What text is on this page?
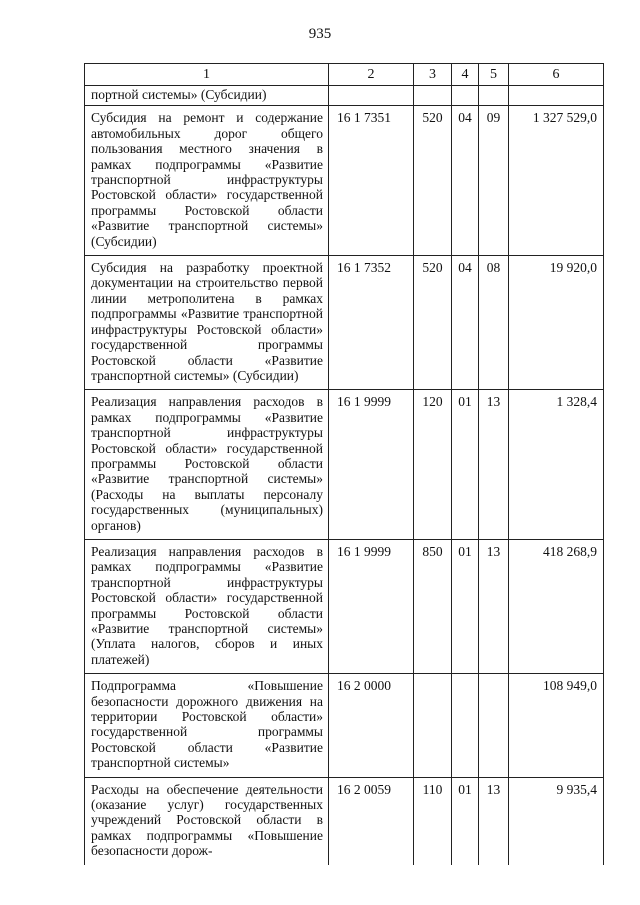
935
1	2	3	4	5	6
портной системы» (Субсидии)					
Субсидия на ремонт и содержание автомобильных дорог общего пользования местного значения в рамках подпрограммы «Развитие транспортной инфраструктуры Ростовской области» государственной программы Ростовской области «Развитие транспортной системы» (Субсидии)	16 1 7351	520	04	09	1 327 529,0
Субсидия на разработку проектной документации на строительство первой линии метрополитена в рамках подпрограммы «Развитие транспортной инфраструктуры Ростовской области» государственной программы Ростовской области «Развитие транспортной системы» (Субсидии)	16 1 7352	520	04	08	19 920,0
Реализация направления расходов в рамках подпрограммы «Развитие транспортной инфраструктуры Ростовской области» государственной программы Ростовской области «Развитие транспортной системы» (Расходы на выплаты персоналу государственных (муниципальных) органов)	16 1 9999	120	01	13	1 328,4
Реализация направления расходов в рамках подпрограммы «Развитие транспортной инфраструктуры Ростовской области» государственной программы Ростовской области «Развитие транспортной системы» (Уплата налогов, сборов и иных платежей)	16 1 9999	850	01	13	418 268,9
Подпрограмма «Повышение безопасности дорожного движения на территории Ростовской области» государственной программы Ростовской области «Развитие транспортной системы»	16 2 0000				108 949,0
Расходы на обеспечение деятельности (оказание услуг) государственных учреждений Ростовской области в рамках подпрограммы «Повышение безопасности дорож-	16 2 0059	110	01	13	9 935,4
